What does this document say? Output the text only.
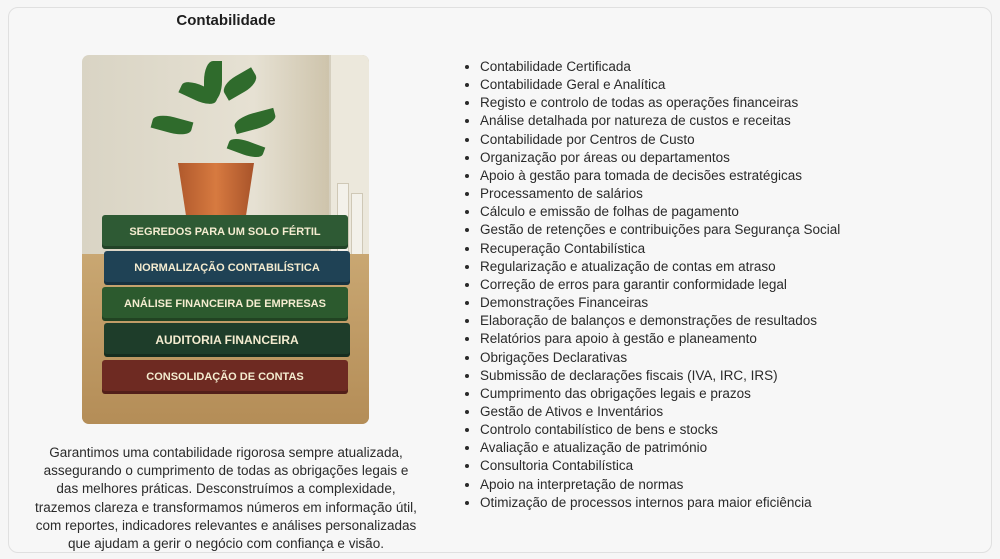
Contabilidade
SEGREDOS PARA UM SOLO FÉRTIL
NORMALIZAÇÃO CONTABILÍSTICA
ANÁLISE FINANCEIRA DE EMPRESAS
AUDITORIA FINANCEIRA
CONSOLIDAÇÃO DE CONTAS
Garantimos uma contabilidade rigorosa sempre atualizada, assegurando o cumprimento de todas as obrigações legais e das melhores práticas. Desconstruímos a complexidade, trazemos clareza e transformamos números em informação útil, com reportes, indicadores relevantes e análises personalizadas que ajudam a gerir o negócio com confiança e visão.
• Contabilidade Certificada
• Contabilidade Geral e Analítica
• Registo e controlo de todas as operações financeiras
• Análise detalhada por natureza de custos e receitas
• Contabilidade por Centros de Custo
• Organização por áreas ou departamentos
• Apoio à gestão para tomada de decisões estratégicas
• Processamento de salários
• Cálculo e emissão de folhas de pagamento
• Gestão de retenções e contribuições para Segurança Social
• Recuperação Contabilística
• Regularização e atualização de contas em atraso
• Correção de erros para garantir conformidade legal
• Demonstrações Financeiras
• Elaboração de balanços e demonstrações de resultados
• Relatórios para apoio à gestão e planeamento
• Obrigações Declarativas
• Submissão de declarações fiscais (IVA, IRC, IRS)
• Cumprimento das obrigações legais e prazos
• Gestão de Ativos e Inventários
• Controlo contabilístico de bens e stocks
• Avaliação e atualização de património
• Consultoria Contabilística
• Apoio na interpretação de normas
• Otimização de processos internos para maior eficiência
